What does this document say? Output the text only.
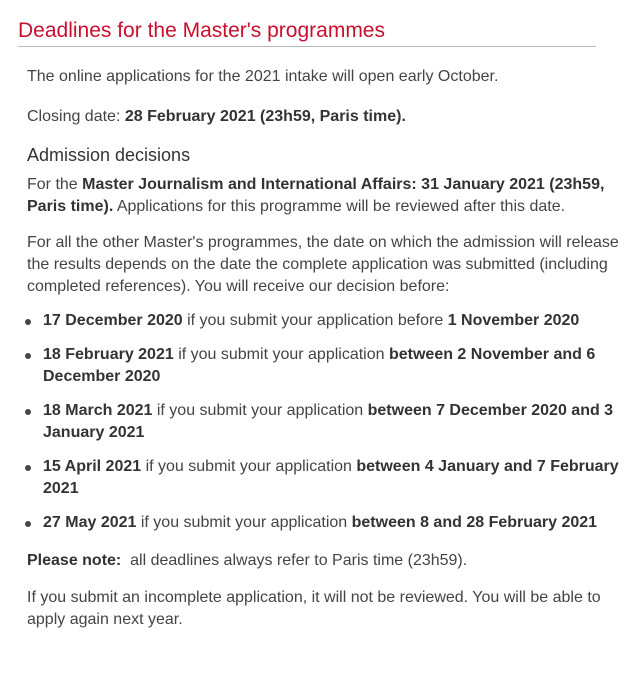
Deadlines for the Master's programmes

The online applications for the 2021 intake will open early October.

Closing date: 28 February 2021 (23h59, Paris time).

Admission decisions

For the Master Journalism and International Affairs: 31 January 2021 (23h59, Paris time). Applications for this programme will be reviewed after this date.

For all the other Master's programmes, the date on which the admission will release the results depends on the date the complete application was submitted (including completed references). You will receive our decision before:

17 December 2020 if you submit your application before 1 November 2020
18 February 2021 if you submit your application between 2 November and 6 December 2020
18 March 2021 if you submit your application between 7 December 2020 and 3 January 2021
15 April 2021 if you submit your application between 4 January and 7 February 2021
27 May 2021 if you submit your application between 8 and 28 February 2021

Please note:  all deadlines always refer to Paris time (23h59).

If you submit an incomplete application, it will not be reviewed. You will be able to apply again next year.
